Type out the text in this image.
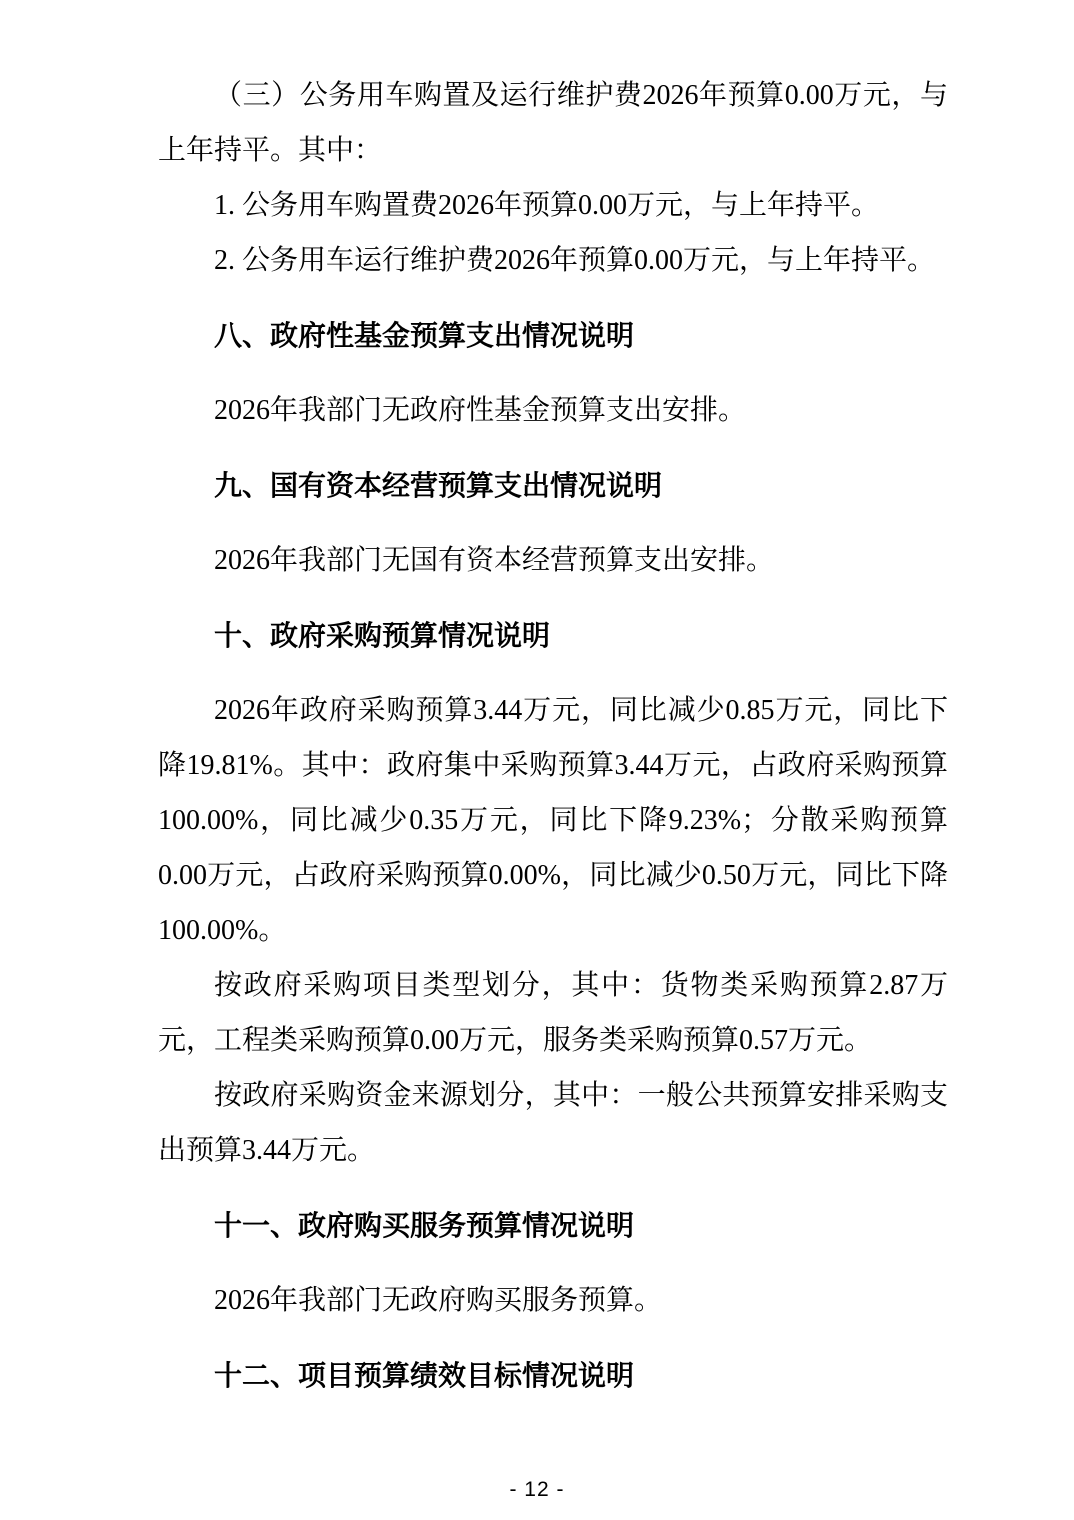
（三）公务用车购置及运行维护费2026年预算0.00万元，与
上年持平。其中：
1. 公务用车购置费2026年预算0.00万元，与上年持平。
2. 公务用车运行维护费2026年预算0.00万元，与上年持平。
八、政府性基金预算支出情况说明
2026年我部门无政府性基金预算支出安排。
九、国有资本经营预算支出情况说明
2026年我部门无国有资本经营预算支出安排。
十、政府采购预算情况说明
2026年政府采购预算3.44万元，同比减少0.85万元，同比下
降19.81%。其中：政府集中采购预算3.44万元，占政府采购预算
100.00%，同比减少0.35万元，同比下降9.23%；分散采购预算
0.00万元，占政府采购预算0.00%，同比减少0.50万元，同比下降
100.00%。
按政府采购项目类型划分，其中：货物类采购预算2.87万
元，工程类采购预算0.00万元，服务类采购预算0.57万元。
按政府采购资金来源划分，其中：一般公共预算安排采购支
出预算3.44万元。
十一、政府购买服务预算情况说明
2026年我部门无政府购买服务预算。
十二、项目预算绩效目标情况说明
- 12 -
